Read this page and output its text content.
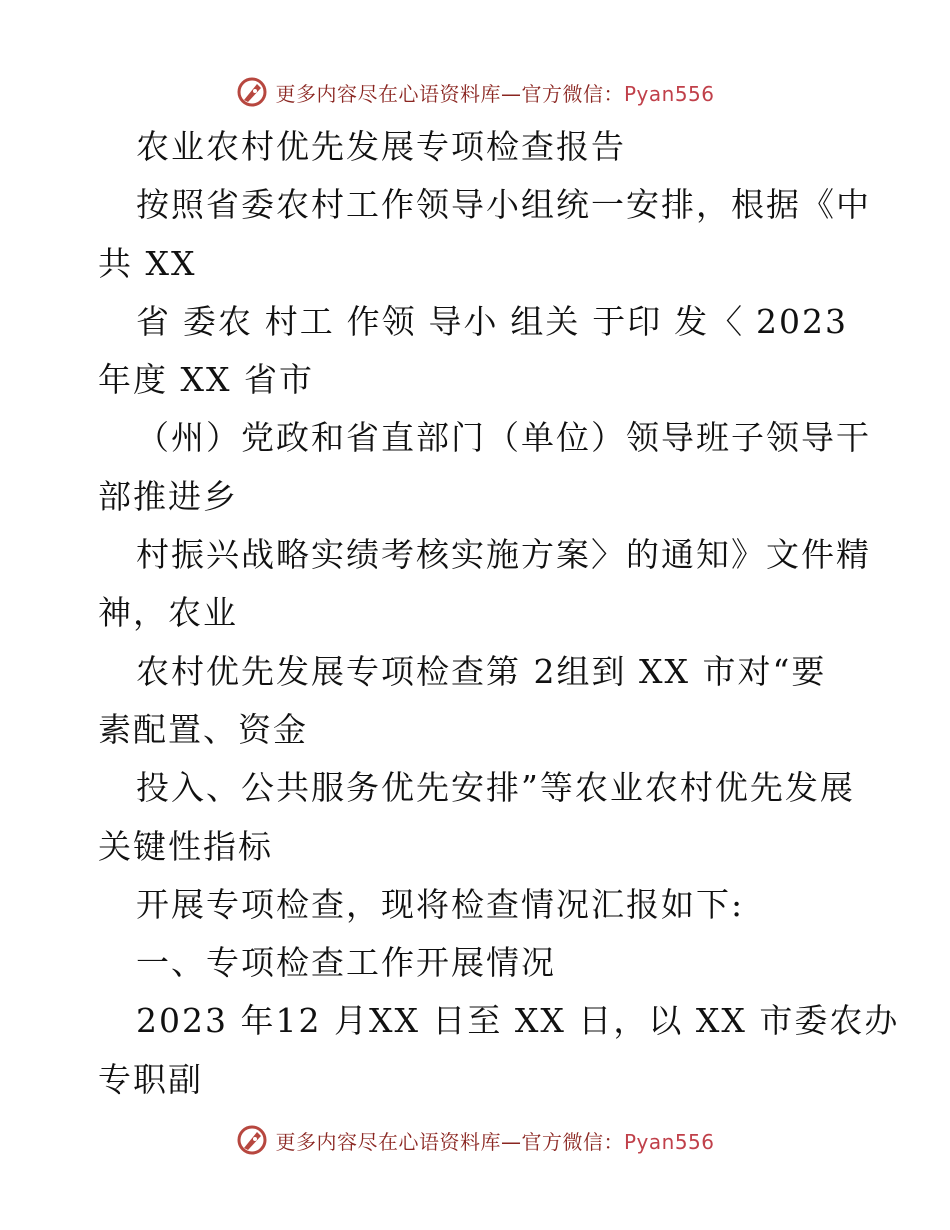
更多内容尽在心语资料库—官方微信：Pyan556
农业农村优先发展专项检查报告
按照省委农村工作领导小组统一安排，根据《中
共 XX
省 委农 村工 作领 导小 组关 于印 发〈 2023
年度 XX 省市
（州）党政和省直部门（单位）领导班子领导干
部推进乡
村振兴战略实绩考核实施方案〉的通知》文件精
神，农业
农村优先发展专项检查第 2组到 XX 市对“要
素配置、资金
投入、公共服务优先安排”等农业农村优先发展
关键性指标
开展专项检查，现将检查情况汇报如下:
一、专项检查工作开展情况
2023 年12 月XX 日至 XX 日，以 XX 市委农办
专职副
更多内容尽在心语资料库—官方微信：Pyan556
